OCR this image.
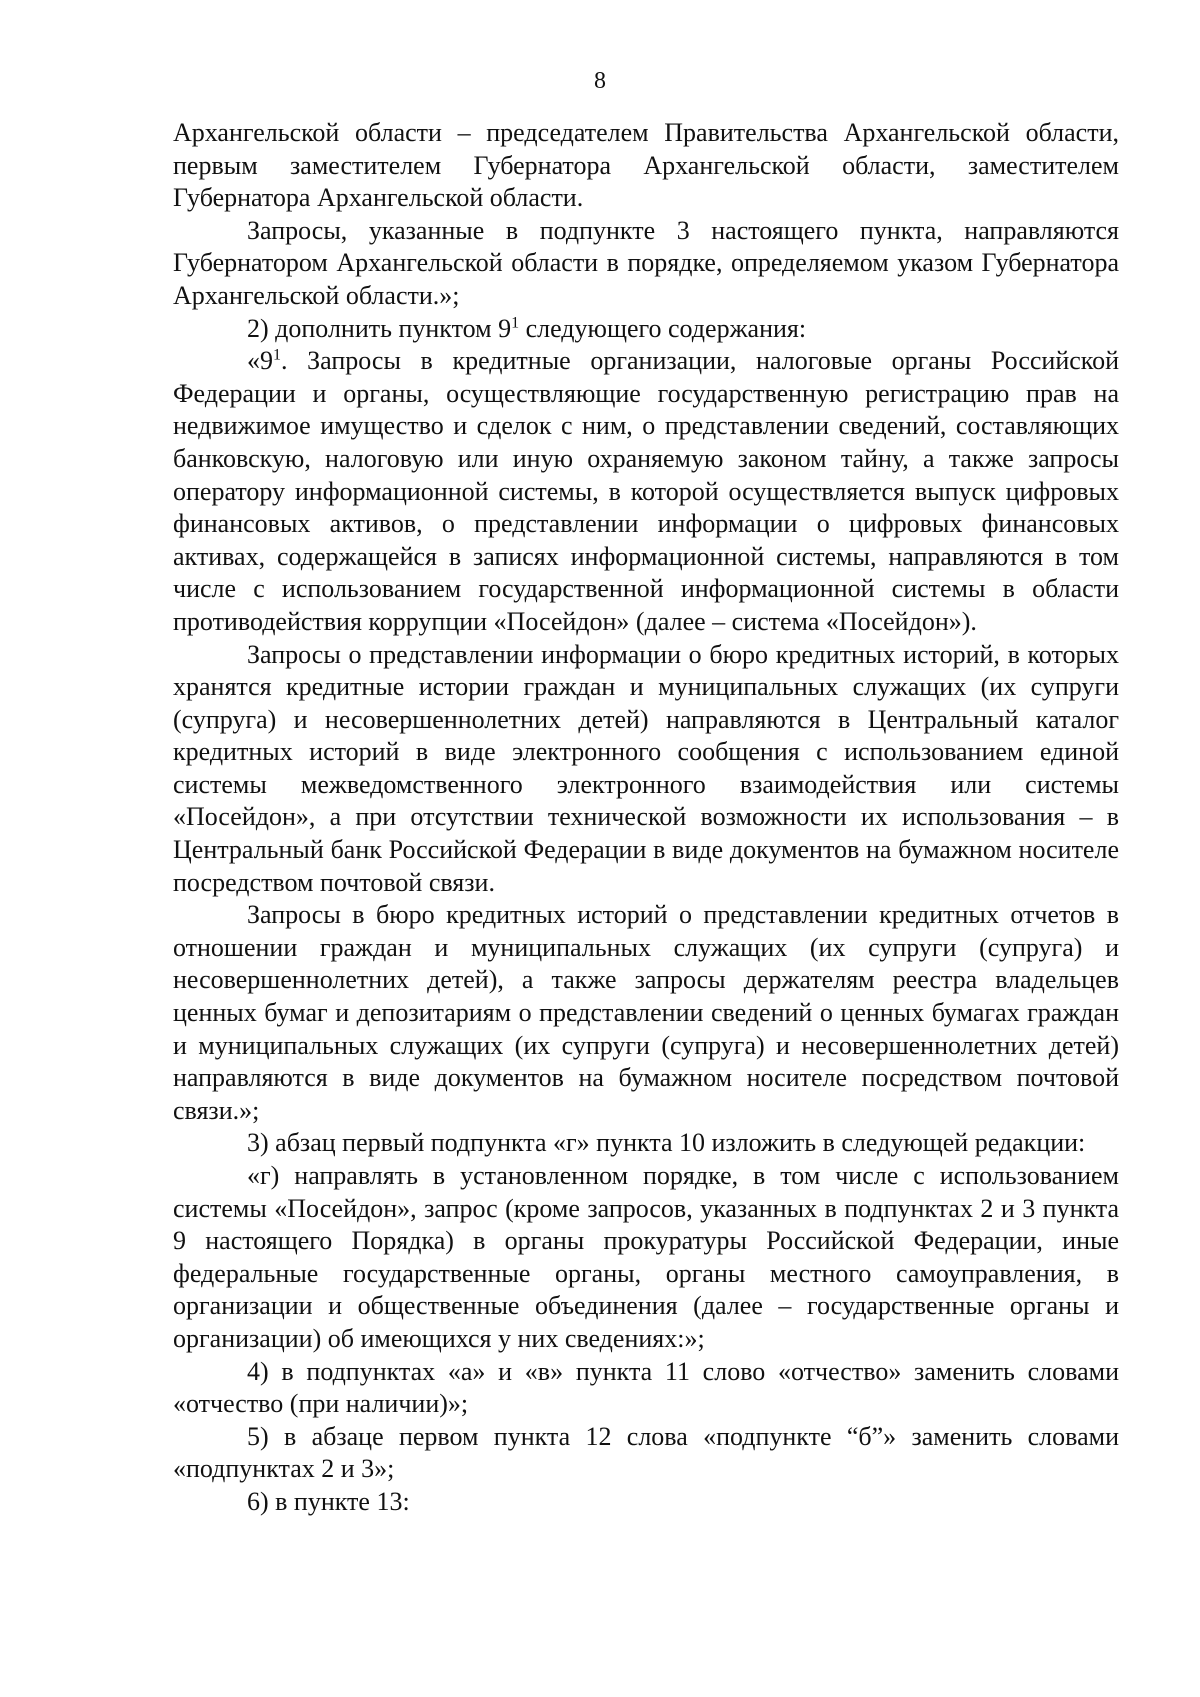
8

Архангельской области – председателем Правительства Архангельской области, первым заместителем Губернатора Архангельской области, заместителем Губернатора Архангельской области.

Запросы, указанные в подпункте 3 настоящего пункта, направляются Губернатором Архангельской области в порядке, определяемом указом Губернатора Архангельской области.»;

2) дополнить пунктом $9^1$ следующего содержания:

«$9^1$. Запросы в кредитные организации, налоговые органы Российской Федерации и органы, осуществляющие государственную регистрацию прав на недвижимое имущество и сделок с ним, о представлении сведений, составляющих банковскую, налоговую или иную охраняемую законом тайну, а также запросы оператору информационной системы, в которой осуществляется выпуск цифровых финансовых активов, о представлении информации о цифровых финансовых активах, содержащейся в записях информационной системы, направляются в том числе с использованием государственной информационной системы в области противодействия коррупции «Посейдон» (далее – система «Посейдон»).

Запросы о представлении информации о бюро кредитных историй, в которых хранятся кредитные истории граждан и муниципальных служащих (их супруги (супруга) и несовершеннолетних детей) направляются в Центральный каталог кредитных историй в виде электронного сообщения с использованием единой системы межведомственного электронного взаимодействия или системы «Посейдон», а при отсутствии технической возможности их использования – в Центральный банк Российской Федерации в виде документов на бумажном носителе посредством почтовой связи.

Запросы в бюро кредитных историй о представлении кредитных отчетов в отношении граждан и муниципальных служащих (их супруги (супруга) и несовершеннолетних детей), а также запросы держателям реестра владельцев ценных бумаг и депозитариям о представлении сведений о ценных бумагах граждан и муниципальных служащих (их супруги (супруга) и несовершеннолетних детей) направляются в виде документов на бумажном носителе посредством почтовой связи.»;

3) абзац первый подпункта «г» пункта 10 изложить в следующей редакции:

«г) направлять в установленном порядке, в том числе с использованием системы «Посейдон», запрос (кроме запросов, указанных в подпунктах 2 и 3 пункта 9 настоящего Порядка) в органы прокуратуры Российской Федерации, иные федеральные государственные органы, органы местного самоуправления, в организации и общественные объединения (далее – государственные органы и организации) об имеющихся у них сведениях:»;

4) в подпунктах «а» и «в» пункта 11 слово «отчество» заменить словами «отчество (при наличии)»;

5) в абзаце первом пункта 12 слова «подпункте “б”» заменить словами «подпунктах 2 и 3»;

6) в пункте 13:
